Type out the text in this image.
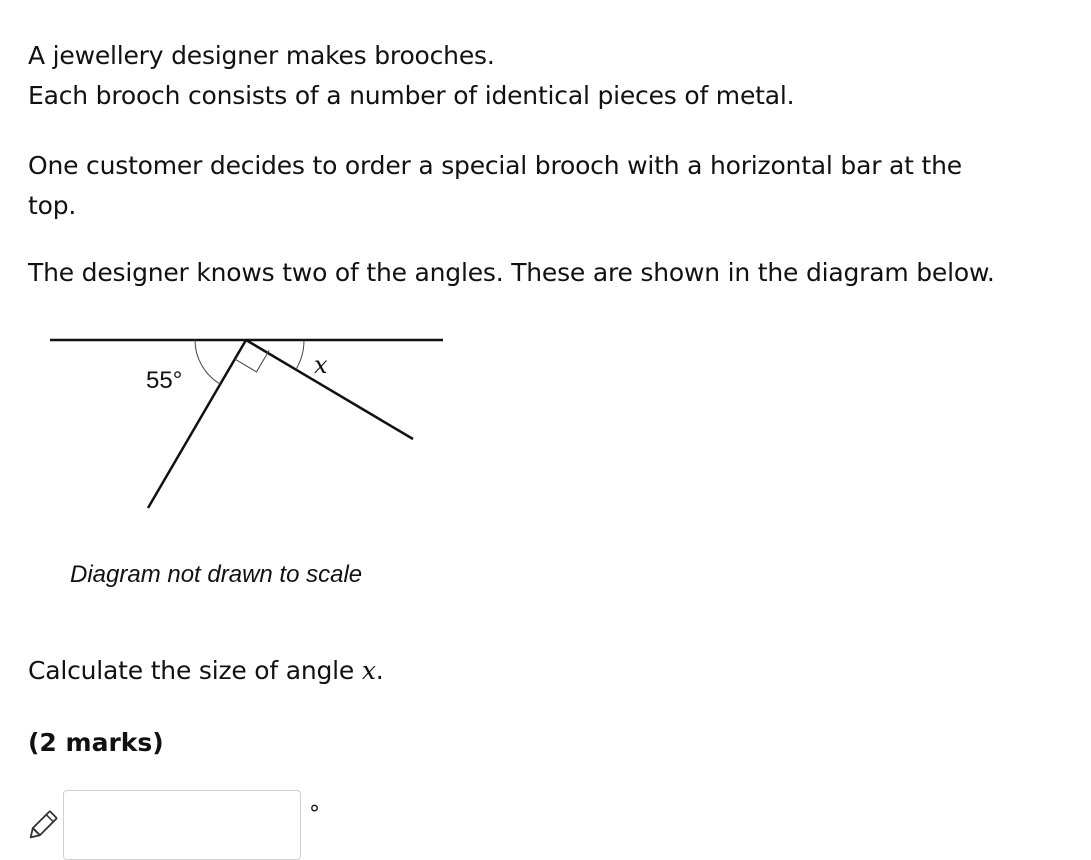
A jewellery designer makes brooches.

Each brooch consists of a number of identical pieces of metal.

One customer decides to order a special brooch with a horizontal bar at the

top.

The designer knows two of the angles. These are shown in the diagram below.

55°
x
Diagram not drawn to scale

Calculate the size of angle x.

(2 marks)
°
